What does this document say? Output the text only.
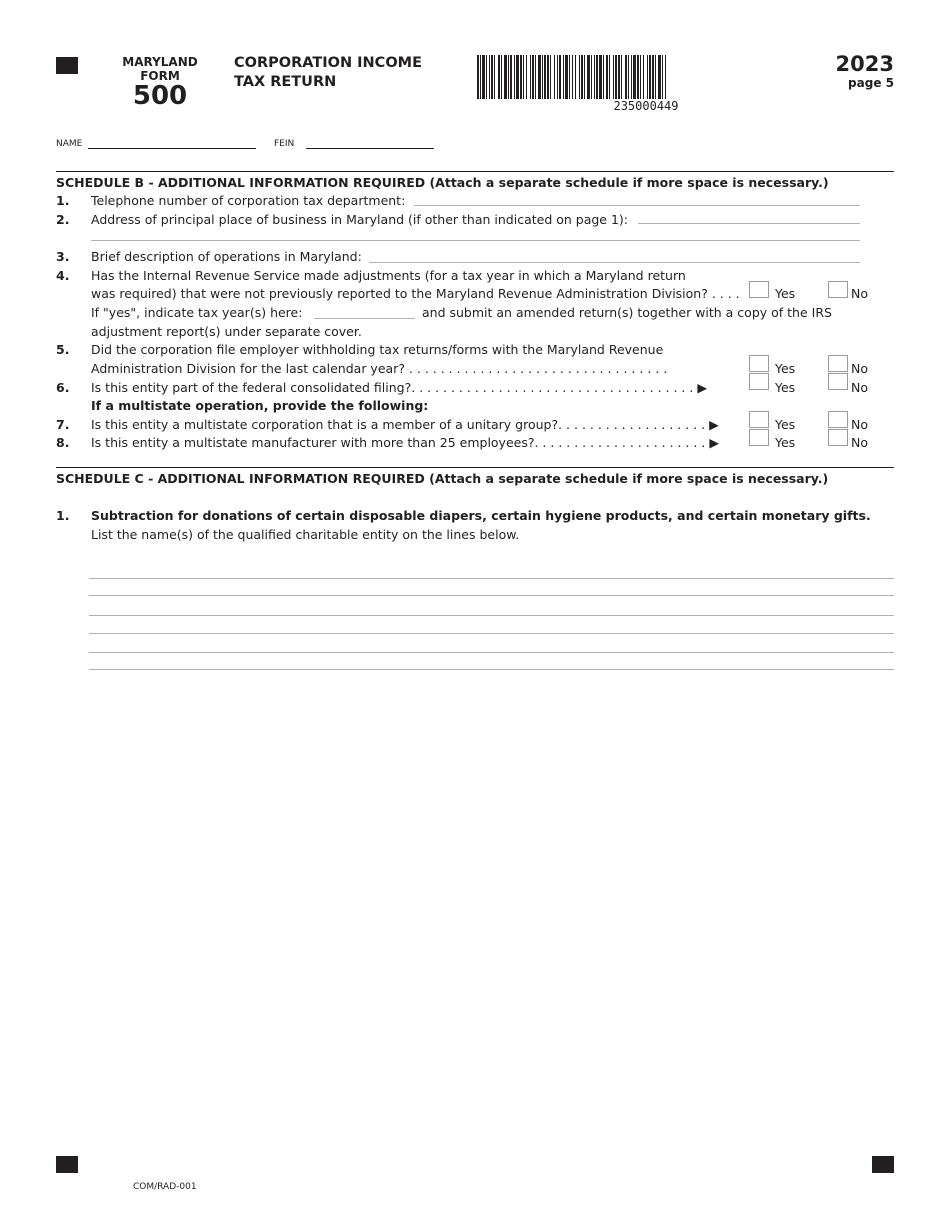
MARYLAND
FORM
500
CORPORATION INCOME
TAX RETURN
235000449
2023
page 5
NAME	FEIN
SCHEDULE B - ADDITIONAL INFORMATION REQUIRED (Attach a separate schedule if more space is necessary.)
1. Telephone number of corporation tax department:
2. Address of principal place of business in Maryland (if other than indicated on page 1):
3. Brief description of operations in Maryland:
4. Has the Internal Revenue Service made adjustments (for a tax year in which a Maryland return
was required) that were not previously reported to the Maryland Revenue Administration Division? . . . .	Yes	No
If "yes", indicate tax year(s) here:	and submit an amended return(s) together with a copy of the IRS
adjustment report(s) under separate cover.
5. Did the corporation file employer withholding tax returns/forms with the Maryland Revenue
Administration Division for the last calendar year? . . . . . . . . . . . . . . . . . . . . . . . . . . . . . . . . .	Yes	No
6. Is this entity part of the federal consolidated filing?. . . . . . . . . . . . . . . . . . . . . . . . . . . . . . . . . . . . ▶	Yes	No
If a multistate operation, provide the following:
7. Is this entity a multistate corporation that is a member of a unitary group?. . . . . . . . . . . . . . . . . . . ▶	Yes	No
8. Is this entity a multistate manufacturer with more than 25 employees?. . . . . . . . . . . . . . . . . . . . . . ▶	Yes	No
SCHEDULE C - ADDITIONAL INFORMATION REQUIRED (Attach a separate schedule if more space is necessary.)
1. Subtraction for donations of certain disposable diapers, certain hygiene products, and certain monetary gifts.
List the name(s) of the qualified charitable entity on the lines below.
COM/RAD-001
